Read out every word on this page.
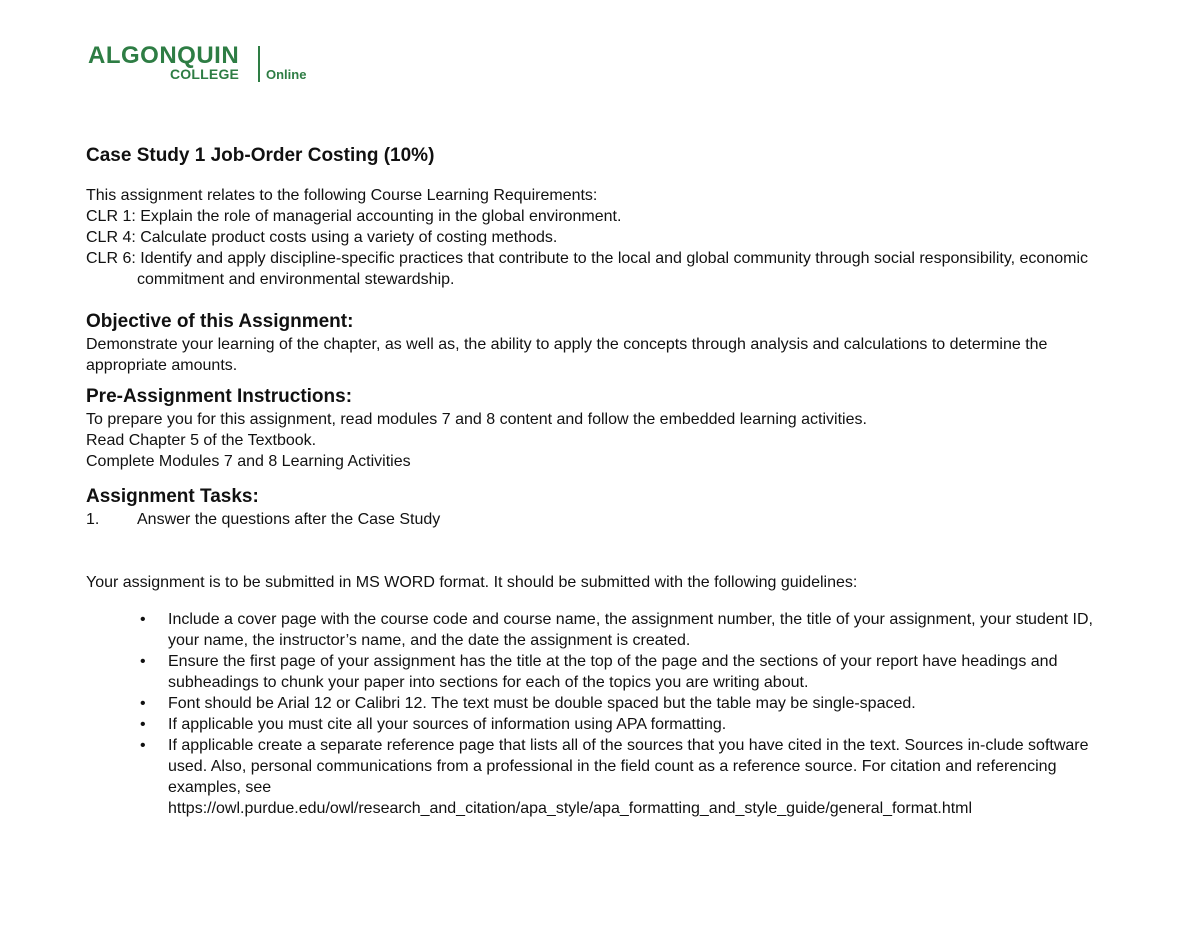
ALGONQUIN
COLLEGE Online
Case Study 1 Job-Order Costing (10%)

This assignment relates to the following Course Learning Requirements:

CLR 1: Explain the role of managerial accounting in the global environment.

CLR 4: Calculate product costs using a variety of costing methods.

CLR 6: Identify and apply discipline-specific practices that contribute to the local and global community through social responsibility, economic commitment and environmental stewardship.

Objective of this Assignment:

Demonstrate your learning of the chapter, as well as, the ability to apply the concepts through analysis and calculations to determine the appropriate amounts.

Pre-Assignment Instructions:

To prepare you for this assignment, read modules 7 and 8 content and follow the embedded learning activities.

Read Chapter 5 of the Textbook.

Complete Modules 7 and 8 Learning Activities

Assignment Tasks:
1.	Answer the questions after the Case Study

Your assignment is to be submitted in MS WORD format. It should be submitted with the following guidelines:

• Include a cover page with the course code and course name, the assignment number, the title of your assignment, your student ID, your name, the instructor’s name, and the date the assignment is created.
• Ensure the first page of your assignment has the title at the top of the page and the sections of your report have headings and subheadings to chunk your paper into sections for each of the topics you are writing about.
• Font should be Arial 12 or Calibri 12. The text must be double spaced but the table may be single-spaced.
• If applicable you must cite all your sources of information using APA formatting.
• If applicable create a separate reference page that lists all of the sources that you have cited in the text. Sources in-clude software used. Also, personal communications from a professional in the field count as a reference source. For citation and referencing examples, see
https://owl.purdue.edu/owl/research_and_citation/apa_style/apa_formatting_and_style_guide/general_format.html
